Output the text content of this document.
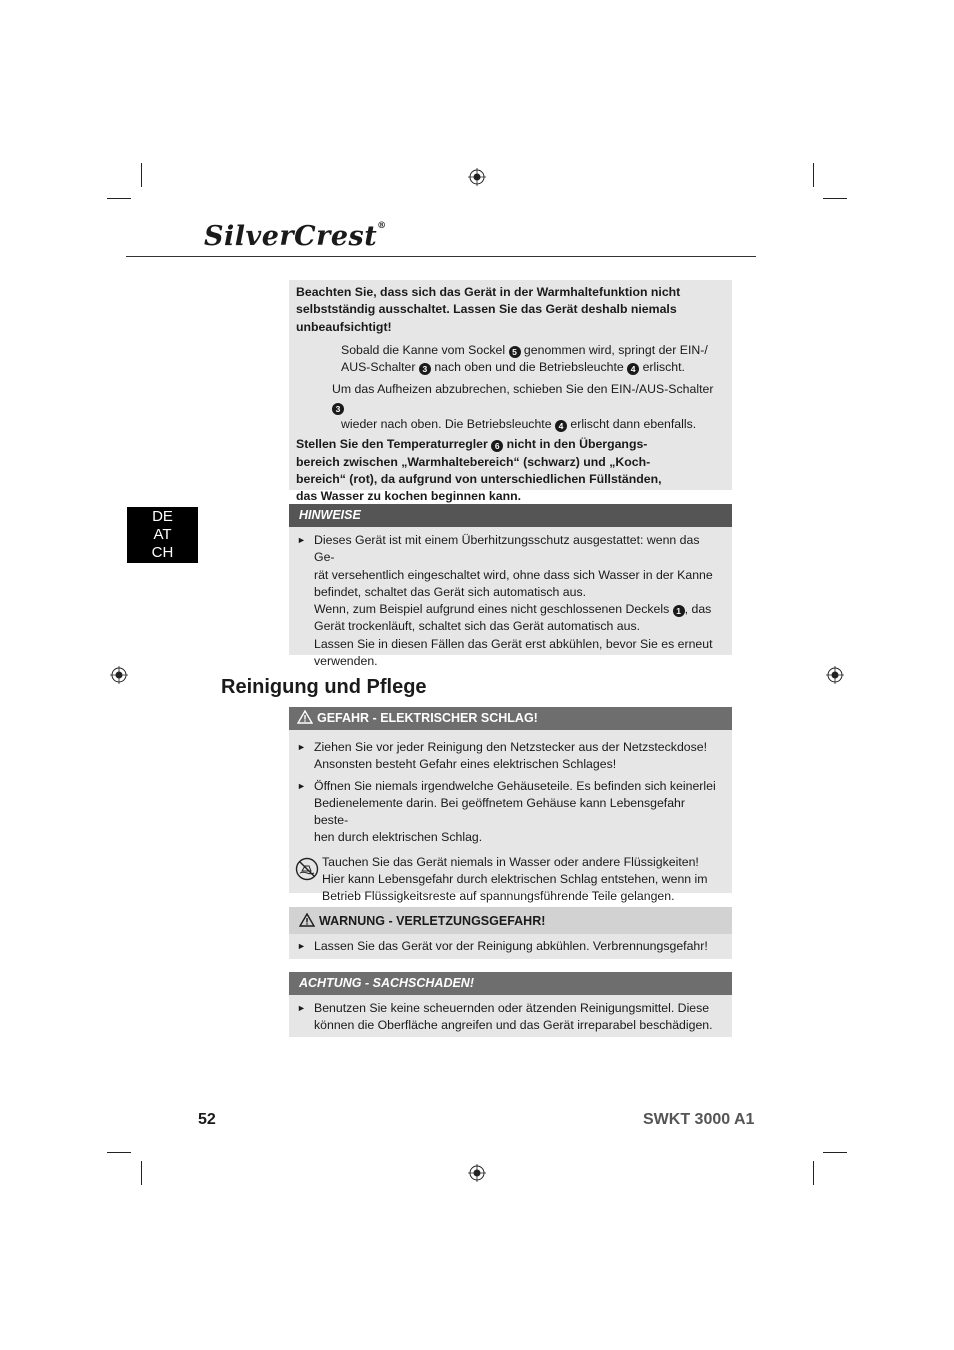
SilverCrest®
DE
AT
CH

Beachten Sie, dass sich das Gerät in der Warmhaltefunktion nicht selbstständig ausschaltet. Lassen Sie das Gerät deshalb niemals unbeaufsichtigt!

Sobald die Kanne vom Sockel 5 genommen wird, springt der EIN-/
AUS-Schalter 3 nach oben und die Betriebsleuchte 4 erlischt.

Um das Aufheizen abzubrechen, schieben Sie den EIN-/AUS-Schalter 3
wieder nach oben. Die Betriebsleuchte 4 erlischt dann ebenfalls.

Stellen Sie den Temperaturregler 6 nicht in den Übergangs-
bereich zwischen „Warmhaltebereich“ (schwarz) und „Koch-
bereich“ (rot), da aufgrund von unterschiedlichen Füllständen,
das Wasser zu kochen beginnen kann.

HINWEISE
► Dieses Gerät ist mit einem Überhitzungsschutz ausgestattet: wenn das Ge-
rät versehentlich eingeschaltet wird, ohne dass sich Wasser in der Kanne
befindet, schaltet das Gerät sich automatisch aus.
Wenn, zum Beispiel aufgrund eines nicht geschlossenen Deckels 1 , das
Gerät trockenläuft, schaltet sich das Gerät automatisch aus.
Lassen Sie in diesen Fällen das Gerät erst abkühlen, bevor Sie es erneut
verwenden.
Reinigung und Pflege
GEFAHR - ELEKTRISCHER SCHLAG!
► Ziehen Sie vor jeder Reinigung den Netzstecker aus der Netzsteckdose!
Ansonsten besteht Gefahr eines elektrischen Schlages!
► Öffnen Sie niemals irgendwelche Gehäuseteile. Es befinden sich keinerlei
Bedienelemente darin. Bei geöffnetem Gehäuse kann Lebensgefahr beste-
hen durch elektrischen Schlag.
Tauchen Sie das Gerät niemals in Wasser oder andere Flüssigkeiten!
Hier kann Lebensgefahr durch elektrischen Schlag entstehen, wenn im
Betrieb Flüssigkeitsreste auf spannungsführende Teile gelangen.
WARNUNG - VERLETZUNGSGEFAHR!
► Lassen Sie das Gerät vor der Reinigung abkühlen. Verbrennungsgefahr!
ACHTUNG - SACHSCHADEN!
► Benutzen Sie keine scheuernden oder ätzenden Reinigungsmittel. Diese
können die Oberfläche angreifen und das Gerät irreparabel beschädigen.
52	SWKT 3000 A1
